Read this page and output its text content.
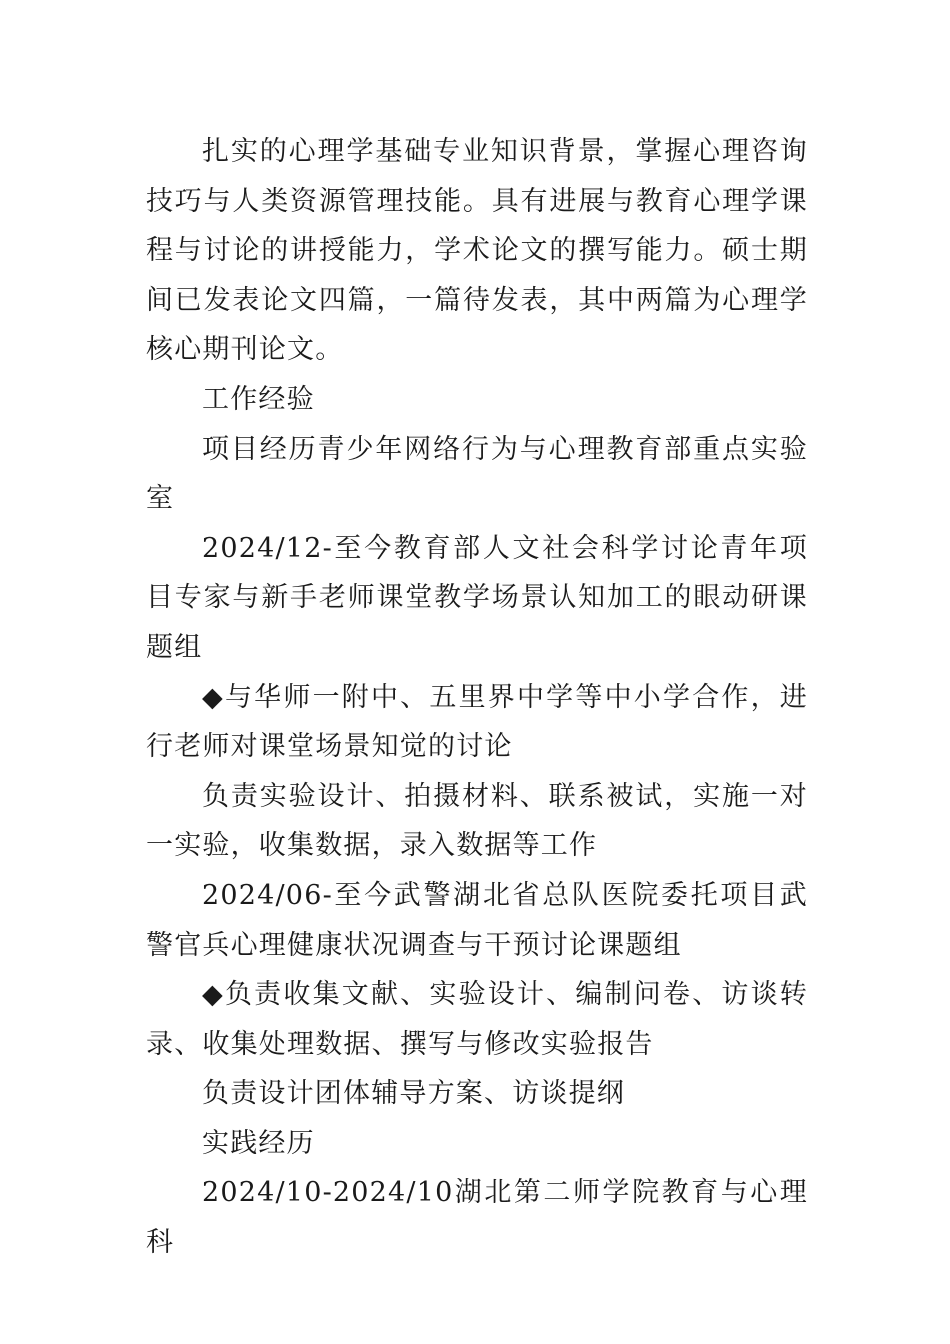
扎实的心理学基础专业知识背景，掌握心理咨询技巧与人类资源管理技能。具有进展与教育心理学课程与讨论的讲授能力，学术论文的撰写能力。硕士期间已发表论文四篇，一篇待发表，其中两篇为心理学核心期刊论文。

工作经验

项目经历青少年网络行为与心理教育部重点实验室

2024/12-至今教育部人文社会科学讨论青年项目专家与新手老师课堂教学场景认知加工的眼动研课题组

◆与华师一附中、五里界中学等中小学合作，进行老师对课堂场景知觉的讨论

负责实验设计、拍摄材料、联系被试，实施一对一实验，收集数据，录入数据等工作

2024/06-至今武警湖北省总队医院委托项目武警官兵心理健康状况调查与干预讨论课题组

◆负责收集文献、实验设计、编制问卷、访谈转录、收集处理数据、撰写与修改实验报告

负责设计团体辅导方案、访谈提纲

实践经历

2024/10-2024/10湖北第二师学院教育与心理科
